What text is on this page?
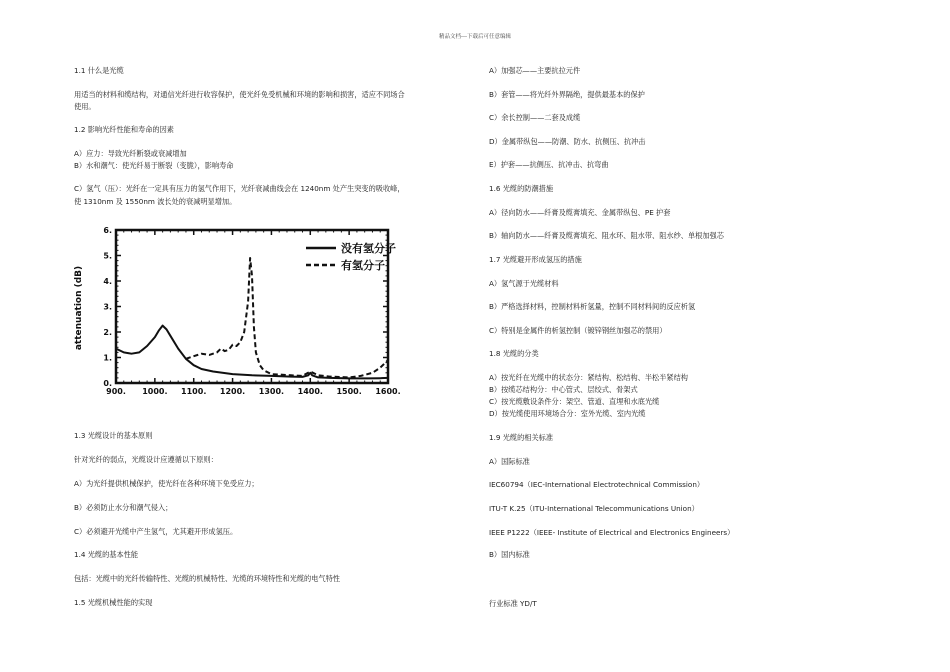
精品文档---下载后可任意编辑
1.1 什么是光缆
用适当的材料和缆结构，对通信光纤进行收容保护，使光纤免受机械和环境的影响和损害，适应不同场合
使用。
1.2 影响光纤性能和寿命的因素
A）应力：导致光纤断裂或衰减增加
B）水和潮气：使光纤易于断裂（变脆），影响寿命
C）氢气（压）：光纤在一定具有压力的氢气作用下，光纤衰减曲线会在 1240nm 处产生突变的吸收峰，
使 1310nm 及 1550nm 波长处的衰减明显增加。
900. 1000. 1100. 1200. 1300. 1400. 1500. 1600.
0.
1.
2.
3.
4.
5.
6.
没有氢分子
有氢分子
attenuation (dB)
1.3 光缆设计的基本原则
针对光纤的弱点，光缆设计应遵循以下原则：
A）为光纤提供机械保护，使光纤在各种环境下免受应力；
B）必须防止水分和潮气侵入；
C）必须避开光缆中产生氢气，尤其避开形成氢压。
1.4 光缆的基本性能
包括：光缆中的光纤传输特性、光缆的机械特性、光缆的环境特性和光缆的电气特性
1.5 光缆机械性能的实现
A）加强芯——主要抗拉元件
B）套管——将光纤外界隔绝，提供最基本的保护
C）余长控制——二套及成缆
D）金属带纵包——防潮、防水、抗侧压、抗冲击
E）护套——抗侧压、抗冲击、抗弯曲
1.6 光缆的防潮措施
A）径向防水——纤膏及缆膏填充、金属带纵包、PE 护套
B）轴向防水——纤膏及缆膏填充、阻水环、阻水带、阻水纱、单根加强芯
1.7 光缆避开形成氢压的措施
A）氢气源于光缆材料
B）严格选择材料，控制材料析氢量，控制不同材料间的反应析氢
C）特别是金属件的析氢控制（镀锌钢丝加强芯的禁用）
1.8 光缆的分类
A）按光纤在光缆中的状态分：紧结构、松结构、半松半紧结构
B）按缆芯结构分：中心管式、层绞式、骨架式
C）按光缆敷设条件分：架空、管道、直埋和水底光缆
D）按光缆使用环境场合分：室外光缆、室内光缆
1.9 光缆的相关标准
A）国际标准
IEC60794（IEC-International Electrotechnical Commission）
ITU-T K.25（ITU-International Telecommunications Union）
IEEE P1222（IEEE- Institute of Electrical and Electronics Engineers）
B）国内标准
行业标准 YD/T
